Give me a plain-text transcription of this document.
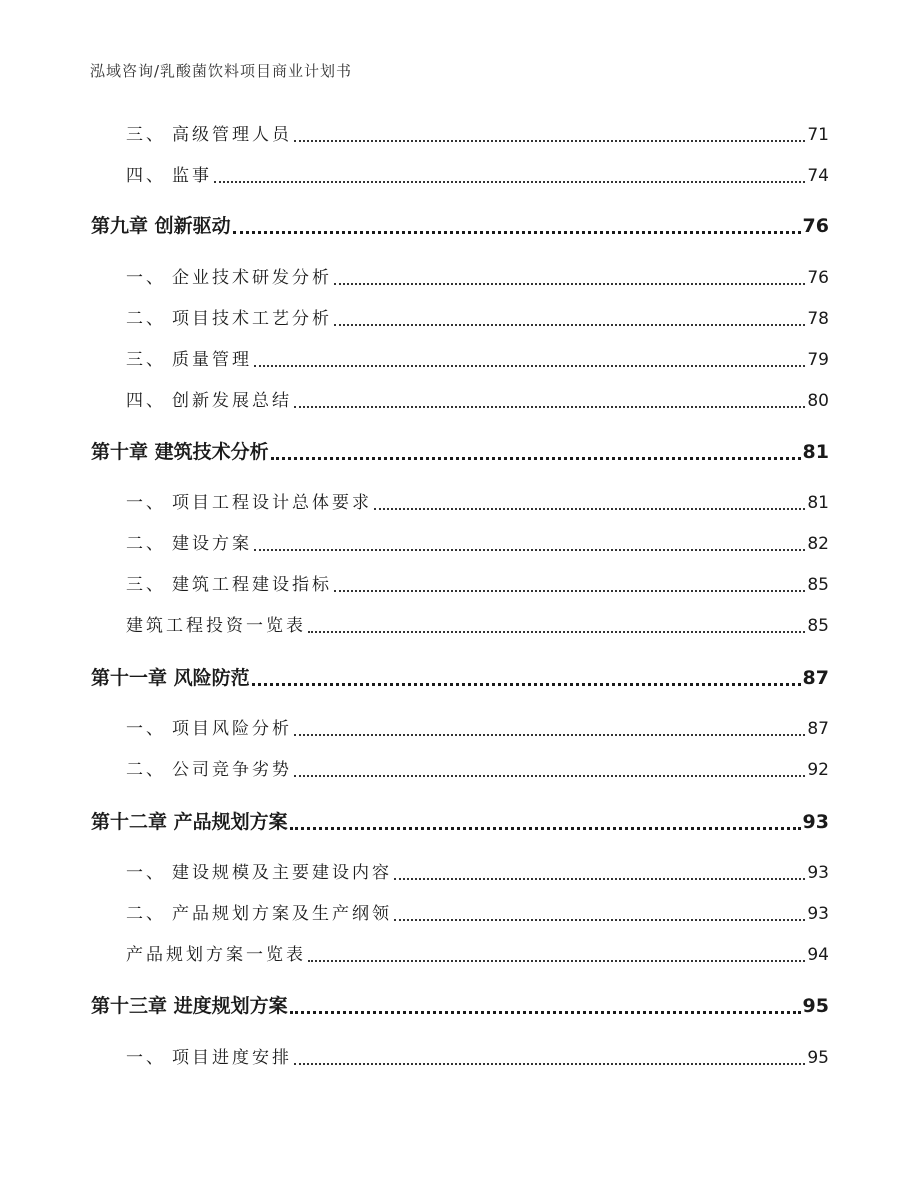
泓域咨询/乳酸菌饮料项目商业计划书
三、 高级管理人员	71
四、 监事	74
第九章 创新驱动	76
一、 企业技术研发分析	76
二、 项目技术工艺分析	78
三、 质量管理	79
四、 创新发展总结	80
第十章 建筑技术分析	81
一、 项目工程设计总体要求	81
二、 建设方案	82
三、 建筑工程建设指标	85
建筑工程投资一览表	85
第十一章 风险防范	87
一、 项目风险分析	87
二、 公司竞争劣势	92
第十二章 产品规划方案	93
一、 建设规模及主要建设内容	93
二、 产品规划方案及生产纲领	93
产品规划方案一览表	94
第十三章 进度规划方案	95
一、 项目进度安排	95
